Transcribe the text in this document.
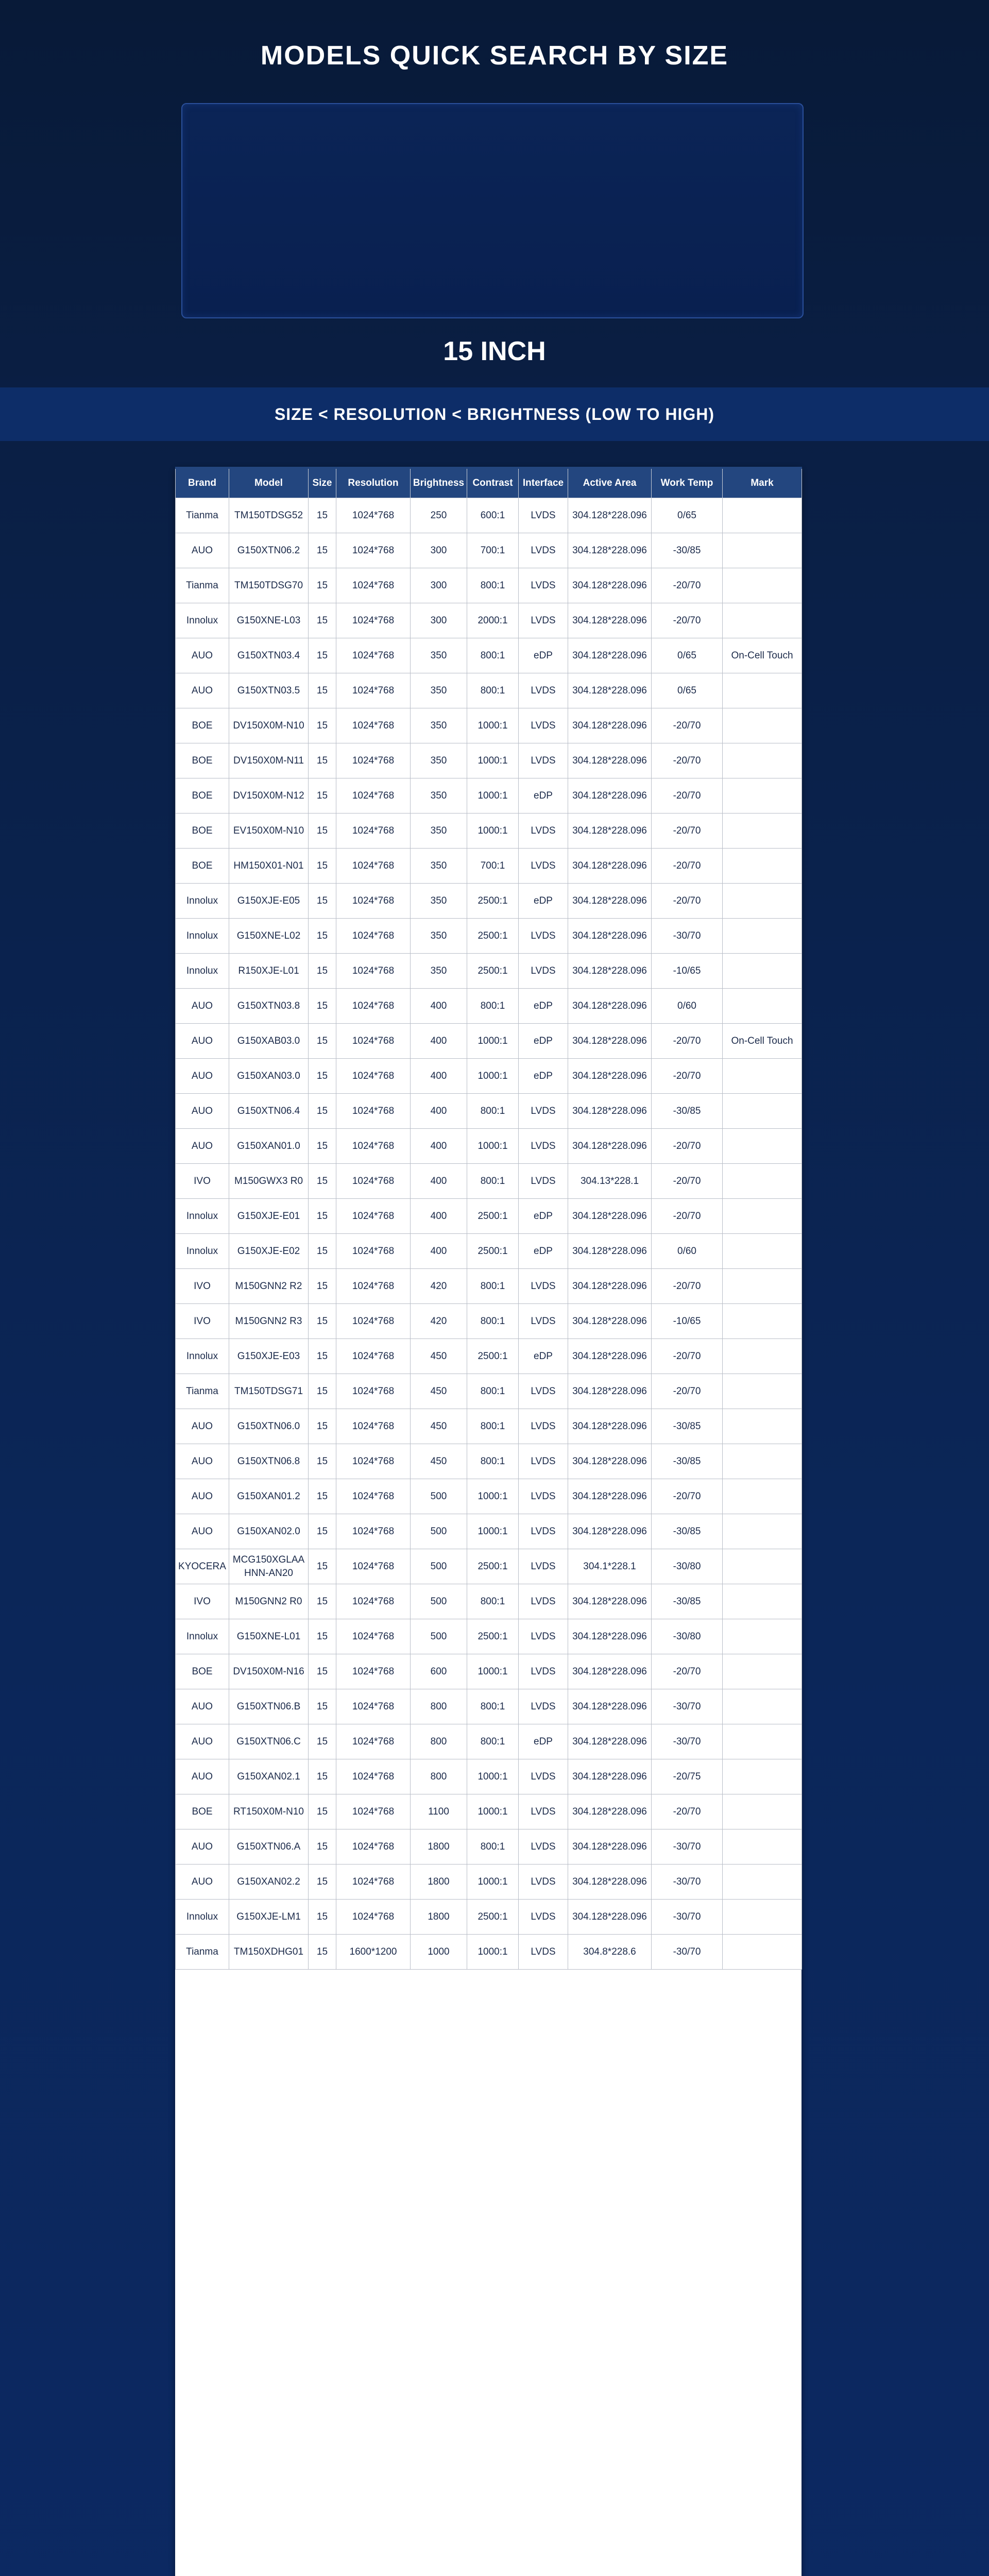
MODELS QUICK SEARCH BY SIZE
15 INCH
SIZE < RESOLUTION < BRIGHTNESS (LOW TO HIGH)
Brand	Model	Size	Resolution	Brightness	Contrast	Interface	Active Area	Work Temp	Mark
Tianma	TM150TDSG52	15	1024*768	250	600:1	LVDS	304.128*228.096	0/65	
AUO	G150XTN06.2	15	1024*768	300	700:1	LVDS	304.128*228.096	-30/85	
Tianma	TM150TDSG70	15	1024*768	300	800:1	LVDS	304.128*228.096	-20/70	
Innolux	G150XNE-L03	15	1024*768	300	2000:1	LVDS	304.128*228.096	-20/70	
AUO	G150XTN03.4	15	1024*768	350	800:1	eDP	304.128*228.096	0/65	On-Cell Touch
AUO	G150XTN03.5	15	1024*768	350	800:1	LVDS	304.128*228.096	0/65	
BOE	DV150X0M-N10	15	1024*768	350	1000:1	LVDS	304.128*228.096	-20/70	
BOE	DV150X0M-N11	15	1024*768	350	1000:1	LVDS	304.128*228.096	-20/70	
BOE	DV150X0M-N12	15	1024*768	350	1000:1	eDP	304.128*228.096	-20/70	
BOE	EV150X0M-N10	15	1024*768	350	1000:1	LVDS	304.128*228.096	-20/70	
BOE	HM150X01-N01	15	1024*768	350	700:1	LVDS	304.128*228.096	-20/70	
Innolux	G150XJE-E05	15	1024*768	350	2500:1	eDP	304.128*228.096	-20/70	
Innolux	G150XNE-L02	15	1024*768	350	2500:1	LVDS	304.128*228.096	-30/70	
Innolux	R150XJE-L01	15	1024*768	350	2500:1	LVDS	304.128*228.096	-10/65	
AUO	G150XTN03.8	15	1024*768	400	800:1	eDP	304.128*228.096	0/60	
AUO	G150XAB03.0	15	1024*768	400	1000:1	eDP	304.128*228.096	-20/70	On-Cell Touch
AUO	G150XAN03.0	15	1024*768	400	1000:1	eDP	304.128*228.096	-20/70	
AUO	G150XTN06.4	15	1024*768	400	800:1	LVDS	304.128*228.096	-30/85	
AUO	G150XAN01.0	15	1024*768	400	1000:1	LVDS	304.128*228.096	-20/70	
IVO	M150GWX3 R0	15	1024*768	400	800:1	LVDS	304.13*228.1	-20/70	
Innolux	G150XJE-E01	15	1024*768	400	2500:1	eDP	304.128*228.096	-20/70	
Innolux	G150XJE-E02	15	1024*768	400	2500:1	eDP	304.128*228.096	0/60	
IVO	M150GNN2 R2	15	1024*768	420	800:1	LVDS	304.128*228.096	-20/70	
IVO	M150GNN2 R3	15	1024*768	420	800:1	LVDS	304.128*228.096	-10/65	
Innolux	G150XJE-E03	15	1024*768	450	2500:1	eDP	304.128*228.096	-20/70	
Tianma	TM150TDSG71	15	1024*768	450	800:1	LVDS	304.128*228.096	-20/70	
AUO	G150XTN06.0	15	1024*768	450	800:1	LVDS	304.128*228.096	-30/85	
AUO	G150XTN06.8	15	1024*768	450	800:1	LVDS	304.128*228.096	-30/85	
AUO	G150XAN01.2	15	1024*768	500	1000:1	LVDS	304.128*228.096	-20/70	
AUO	G150XAN02.0	15	1024*768	500	1000:1	LVDS	304.128*228.096	-30/85	
KYOCERA	MCG150XGLAA HNN-AN20	15	1024*768	500	2500:1	LVDS	304.1*228.1	-30/80	
IVO	M150GNN2 R0	15	1024*768	500	800:1	LVDS	304.128*228.096	-30/85	
Innolux	G150XNE-L01	15	1024*768	500	2500:1	LVDS	304.128*228.096	-30/80	
BOE	DV150X0M-N16	15	1024*768	600	1000:1	LVDS	304.128*228.096	-20/70	
AUO	G150XTN06.B	15	1024*768	800	800:1	LVDS	304.128*228.096	-30/70	
AUO	G150XTN06.C	15	1024*768	800	800:1	eDP	304.128*228.096	-30/70	
AUO	G150XAN02.1	15	1024*768	800	1000:1	LVDS	304.128*228.096	-20/75	
BOE	RT150X0M-N10	15	1024*768	1100	1000:1	LVDS	304.128*228.096	-20/70	
AUO	G150XTN06.A	15	1024*768	1800	800:1	LVDS	304.128*228.096	-30/70	
AUO	G150XAN02.2	15	1024*768	1800	1000:1	LVDS	304.128*228.096	-30/70	
Innolux	G150XJE-LM1	15	1024*768	1800	2500:1	LVDS	304.128*228.096	-30/70	
Tianma	TM150XDHG01	15	1600*1200	1000	1000:1	LVDS	304.8*228.6	-30/70	
